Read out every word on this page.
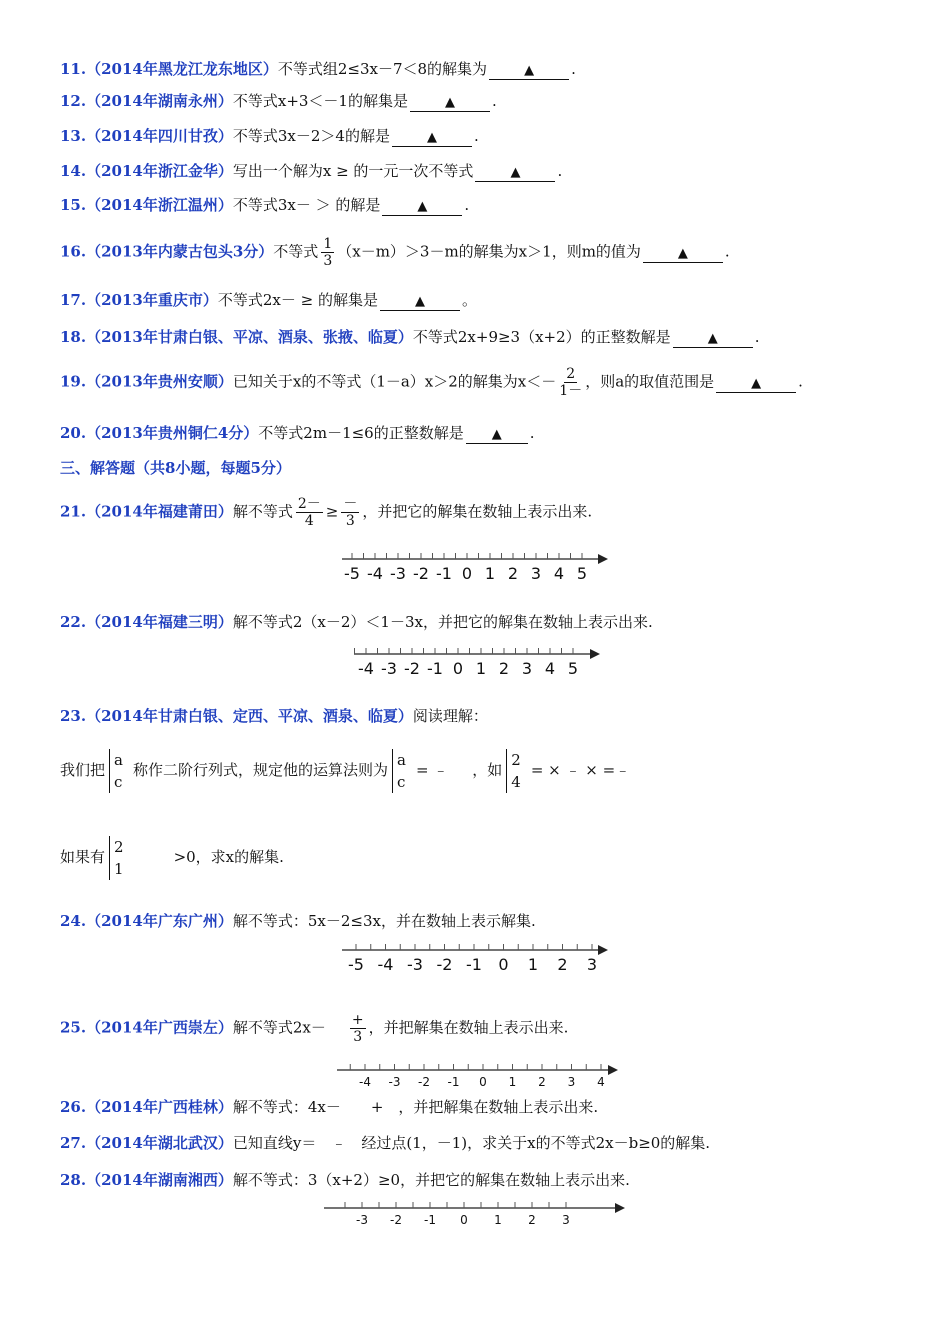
11.（2014年黑龙江龙东地区）不等式组2≤3x－7＜8的解集为	▲ .
12.（2014年湖南永州）不等式x+3＜－1的解集是	▲ .
13.（2014年四川甘孜）不等式3x－2＞4的解是	▲ .
14.（2014年浙江金华）写出一个解为x ≥ 的一元一次不等式	▲ .
15.（2014年浙江温州）不等式3x－ ＞ 的解是	▲ .
16.（2013年内蒙古包头3分）不等式 $\frac{1}{3} (x-m)>3-m$的解集为x＞1，则m的值为	▲ .
17.（2013年重庆市）不等式2x－ ≥ 的解集是	▲ 。
18.（2013年甘肃白银、平凉、酒泉、张掖、临夏）不等式2x+9≥3（x+2）的正整数解是	▲ .
19.（2013年贵州安顺）已知关于x的不等式（1－a）x＞2的解集为$x<- \frac{2}{1-}$ ，则a的取值范围是	▲ .
20.（2013年贵州铜仁4分）不等式2m－1≤6的正整数解是 ▲ .
三、解答题（共8小题，每题5分）
21.（2014年福建莆田）解不等式 $\frac{2-}{4} \ge \frac{-}{3}$ ，并把它的解集在数轴上表示出来.
-5 -4 -3 -2 -1 0 1 2 3 4 5
22.（2014年福建三明）解不等式2（x－2）＜1－3x，并把它的解集在数轴上表示出来.
-4 -3 -2 -1 0 1 2 3 4 5
23.（2014年甘肃白银、定西、平凉、酒泉、临夏）阅读理解：
我们把
a
c
称作二阶行列式，规定他的运算法则为
a
c
= ﹣ ，如
2
4
= × ﹣ × =﹣
如果有
2
1
>0，求x的解集.
24.（2014年广东广州）解不等式：5x－2≤3x，并在数轴上表示解集.
-5 -4 -3 -2 -1 0 1 2 3
25.（2014年广西崇左）解不等式$2x- \frac{+}{3}$ ，并把解集在数轴上表示出来.
-4 -3 -2 -1 0 1 2 3 4
26.（2014年广西桂林）解不等式：4x－　　+　，并把解集在数轴上表示出来.
27.（2014年湖北武汉）已知直线y＝　﹣　经过点(1，－1)，求关于x的不等式2x－b≥0的解集.
28.（2014年湖南湘西）解不等式：3（x+2）≥0，并把它的解集在数轴上表示出来.
-3 -2 -1 0 1 2 3
